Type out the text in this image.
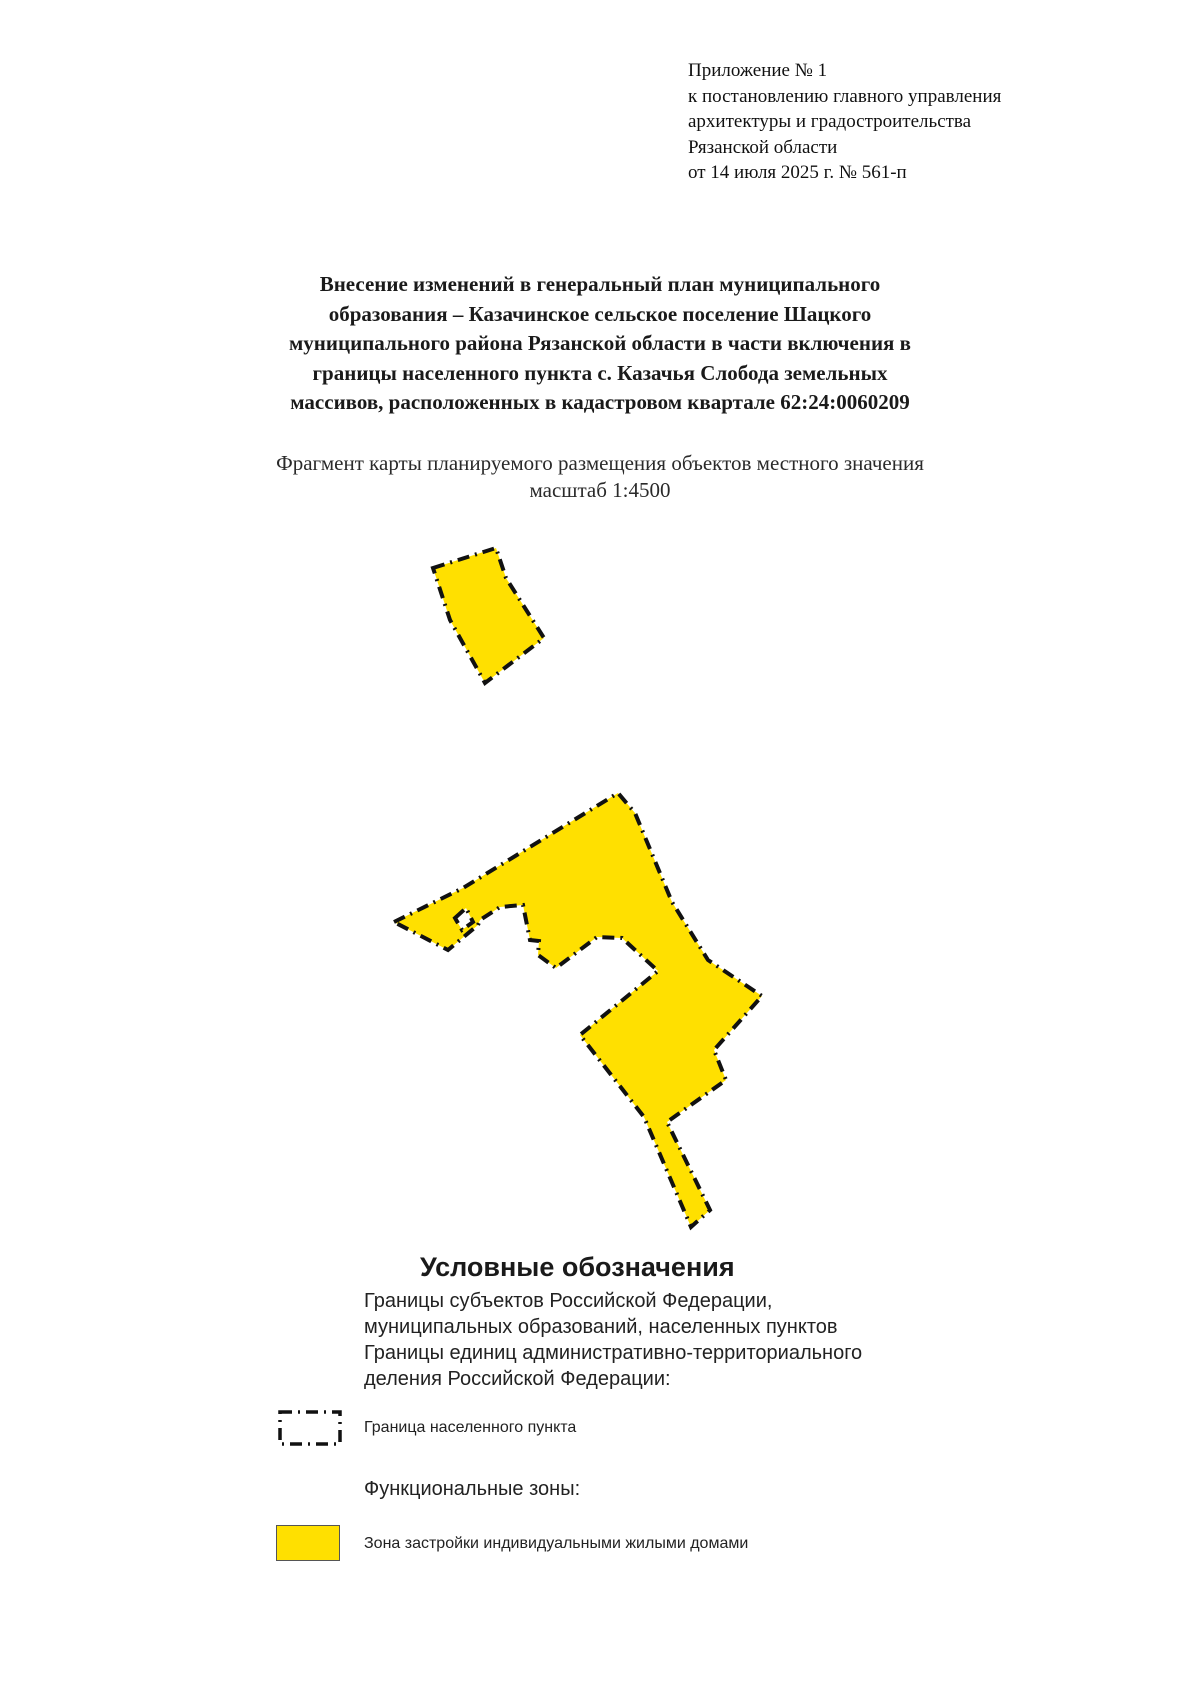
Приложение № 1
к постановлению главного управления
архитектуры и градостроительства
Рязанской области
от 14 июля 2025 г. № 561-п
Внесение изменений в генеральный план муниципального
образования – Казачинское сельское поселение Шацкого
муниципального района Рязанской области в части включения в
границы населенного пункта с. Казачья Слобода земельных
массивов, расположенных в кадастровом квартале 62:24:0060209
Фрагмент карты планируемого размещения объектов местного значения
масштаб 1:4500
Условные обозначения
Границы субъектов Российской Федерации,
муниципальных образований, населенных пунктов
Границы единиц административно-территориального
деления Российской Федерации:
Граница населенного пункта
Функциональные зоны:
Зона застройки индивидуальными жилыми домами
